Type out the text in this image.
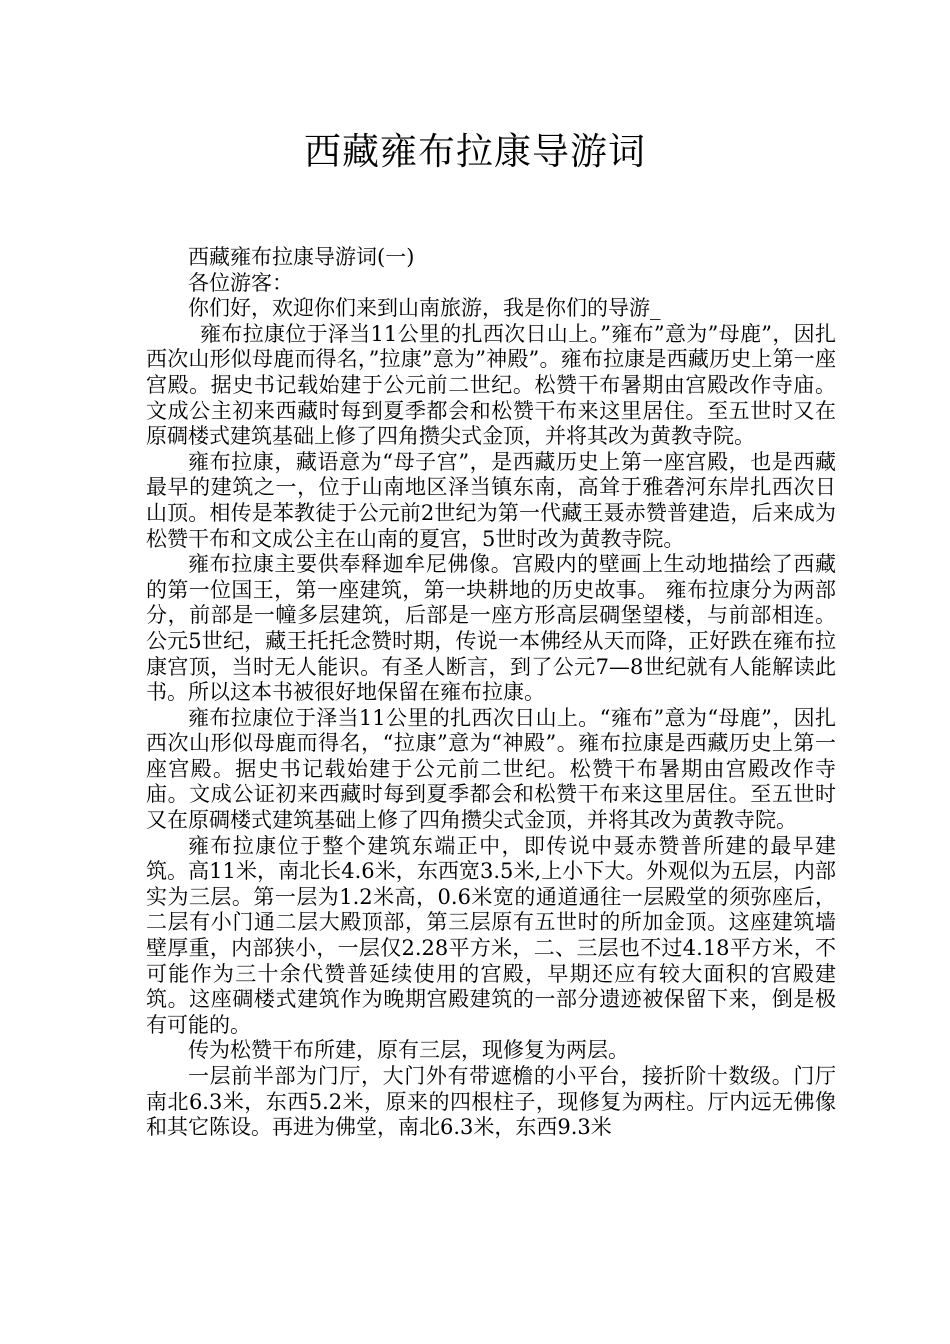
西藏雍布拉康导游词

西藏雍布拉康导游词(一)

各位游客：

你们好，欢迎你们来到山南旅游，我是你们的导游_

雍布拉康位于泽当11公里的扎西次日山上。”雍布”意为”母鹿”，因扎西次山形似母鹿而得名，”拉康”意为”神殿”。雍布拉康是西藏历史上第一座宫殿。据史书记载始建于公元前二世纪。松赞干布暑期由宫殿改作寺庙。文成公主初来西藏时每到夏季都会和松赞干布来这里居住。至五世时又在原碉楼式建筑基础上修了四角攒尖式金顶，并将其改为黄教寺院。

雍布拉康，藏语意为“母子宫”，是西藏历史上第一座宫殿，也是西藏最早的建筑之一，位于山南地区泽当镇东南，高耸于雅砻河东岸扎西次日山顶。相传是苯教徒于公元前2世纪为第一代藏王聂赤赞普建造，后来成为松赞干布和文成公主在山南的夏宫，5世时改为黄教寺院。

雍布拉康主要供奉释迦牟尼佛像。宫殿内的壁画上生动地描绘了西藏的第一位国王，第一座建筑，第一块耕地的历史故事。 雍布拉康分为两部分，前部是一幢多层建筑，后部是一座方形高层碉堡望楼，与前部相连。公元5世纪，藏王托托念赞时期，传说一本佛经从天而降，正好跌在雍布拉康宫顶，当时无人能识。有圣人断言，到了公元7—8世纪就有人能解读此书。所以这本书被很好地保留在雍布拉康。

雍布拉康位于泽当11公里的扎西次日山上。“雍布”意为“母鹿”，因扎西次山形似母鹿而得名，“拉康”意为“神殿”。雍布拉康是西藏历史上第一座宫殿。据史书记载始建于公元前二世纪。松赞干布暑期由宫殿改作寺庙。文成公证初来西藏时每到夏季都会和松赞干布来这里居住。至五世时又在原碉楼式建筑基础上修了四角攒尖式金顶，并将其改为黄教寺院。

雍布拉康位于整个建筑东端正中，即传说中聂赤赞普所建的最早建筑。高11米，南北长4.6米，东西宽3.5米,上小下大。外观似为五层，内部实为三层。第一层为1.2米高，0.6米宽的通道通往一层殿堂的须弥座后，二层有小门通二层大殿顶部，第三层原有五世时的所加金顶。这座建筑墙壁厚重，内部狭小，一层仅2.28平方米，二、三层也不过4.18平方米，不可能作为三十余代赞普延续使用的宫殿，早期还应有较大面积的宫殿建筑。这座碉楼式建筑作为晚期宫殿建筑的一部分遗迹被保留下来，倒是极有可能的。

传为松赞干布所建，原有三层，现修复为两层。

一层前半部为门厅，大门外有带遮檐的小平台，接折阶十数级。门厅南北6.3米，东西5.2米，原来的四根柱子，现修复为两柱。厅内远无佛像和其它陈设。再进为佛堂，南北6.3米，东西9.3米
